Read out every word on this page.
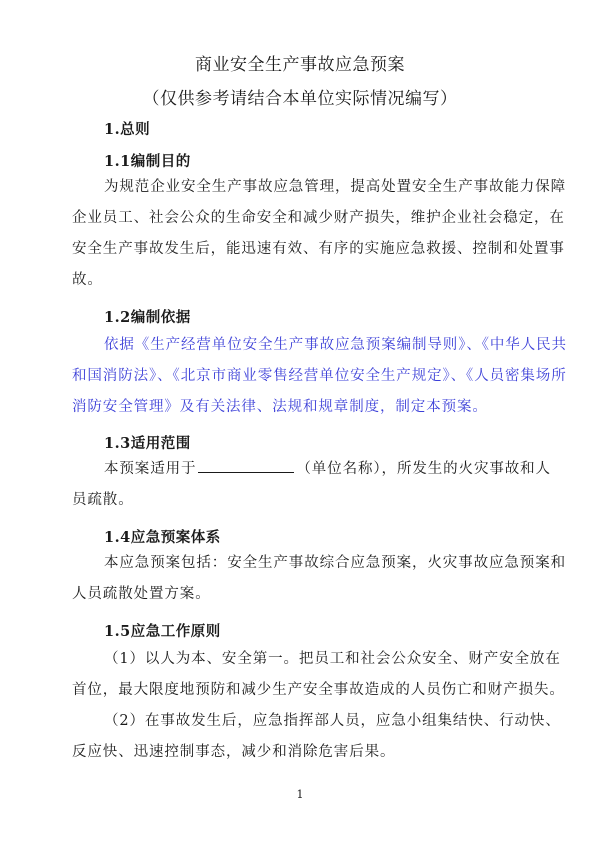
商业安全生产事故应急预案
（仅供参考请结合本单位实际情况编写）
1.总则
1.1编制目的
为规范企业安全生产事故应急管理，提高处置安全生产事故能力保障
企业员工、社会公众的生命安全和减少财产损失，维护企业社会稳定，在
安全生产事故发生后，能迅速有效、有序的实施应急救援、控制和处置事
故。
1.2编制依据
依据《生产经营单位安全生产事故应急预案编制导则》、《中华人民共
和国消防法》、《北京市商业零售经营单位安全生产规定》、《人员密集场所
消防安全管理》及有关法律、法规和规章制度，制定本预案。
1.3适用范围
本预案适用于	（单位名称），所发生的火灾事故和人
员疏散。
1.4应急预案体系
本应急预案包括：安全生产事故综合应急预案，火灾事故应急预案和
人员疏散处置方案。
1.5应急工作原则
（1）以人为本、安全第一。把员工和社会公众安全、财产安全放在
首位，最大限度地预防和减少生产安全事故造成的人员伤亡和财产损失。
（2）在事故发生后，应急指挥部人员，应急小组集结快、行动快、
反应快、迅速控制事态，减少和消除危害后果。
1
